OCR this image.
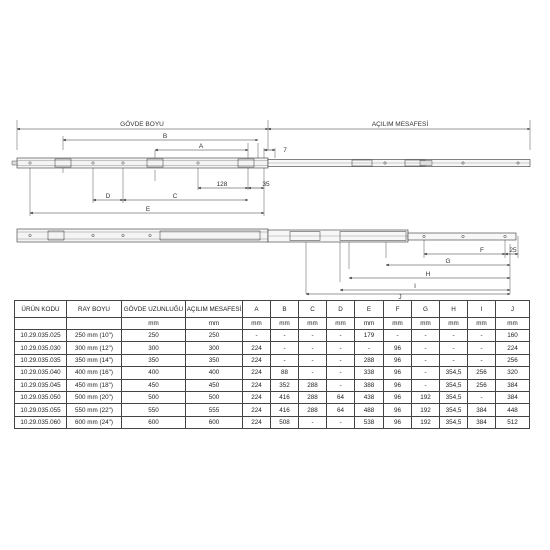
GÖVDE BOYU	AÇILIM MESAFESİ
B
A
7
128	35
D	C
E
F	25
G
H
I
J
ÜRÜN KODU	RAY BOYU	GÖVDE UZUNLUĞU	AÇILIM MESAFESİ	A	B	C	D	E	F	G	H	I	J
		mm	mm	mm	mm	mm	mm	mm	mm	mm	mm	mm	mm
10.29.035.025	250 mm (10")	250	250	-	-	-	-	179	-	-	-	-	160
10.29.035.030	300 mm (12")	300	300	224	-	-	-	-	96	-	-	-	224
10.29.035.035	350 mm (14")	350	350	224	-	-	-	288	96	-	-	-	256
10.29.035.040	400 mm (16")	400	400	224	88	-	-	338	96	-	354,5	256	320
10.29.035.045	450 mm (18")	450	450	224	352	288	-	388	96	-	354,5	256	384
10.29.035.050	500 mm (20")	500	500	224	416	288	64	438	96	192	354,5	-	384
10.29.035.055	550 mm (22")	550	555	224	416	288	64	488	96	192	354,5	384	448
10.29.035.060	600 mm (24")	600	600	224	508	-	-	538	96	192	354,5	384	512
